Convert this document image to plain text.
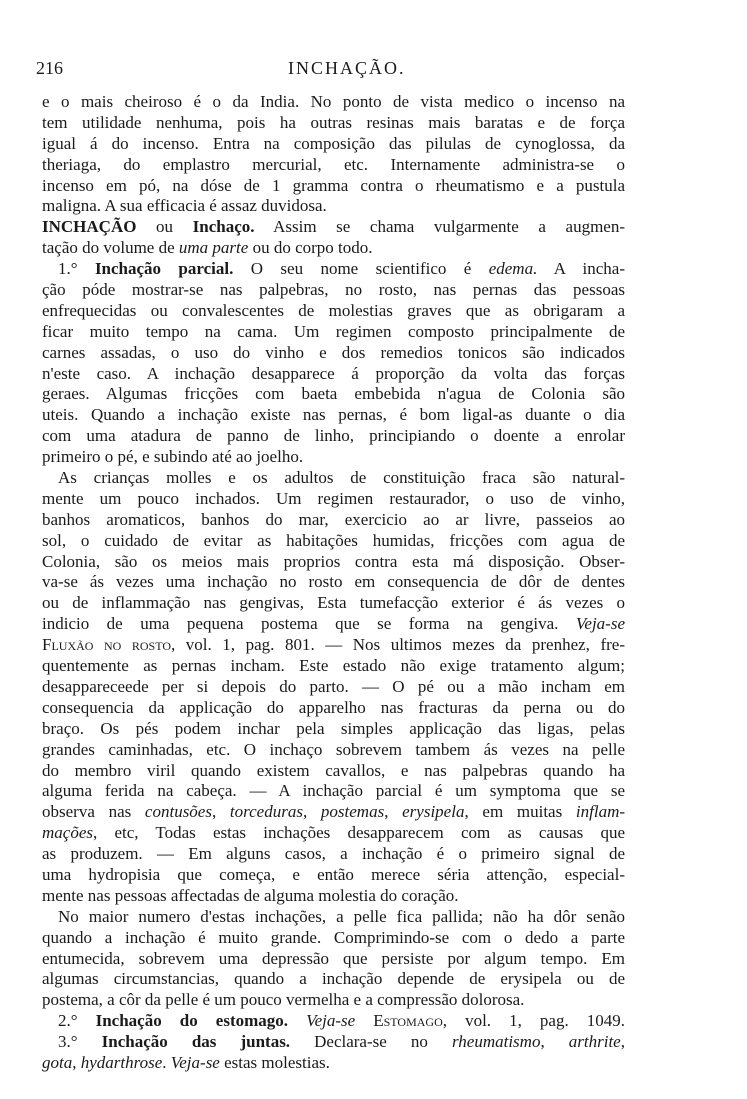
216	INCHAÇÃO.
e o mais cheiroso é o da India. No ponto de vista medico o incenso na
tem utilidade nenhuma, pois ha outras resinas mais baratas e de força
igual á do incenso. Entra na composição das pilulas de cynoglossa, da
theriaga, do emplastro mercurial, etc. Internamente administra-se o
incenso em pó, na dóse de 1 gramma contra o rheumatismo e a pustula
maligna. A sua efficacia é assaz duvidosa.
INCHAÇÃO ou Inchaço. Assim se chama vulgarmente a augmen-
tação do volume de uma parte ou do corpo todo.
1.° Inchação parcial. O seu nome scientifico é edema. A incha-
ção póde mostrar-se nas palpebras, no rosto, nas pernas das pessoas
enfrequecidas ou convalescentes de molestias graves que as obrigaram a
ficar muito tempo na cama. Um regimen composto principalmente de
carnes assadas, o uso do vinho e dos remedios tonicos são indicados
n'este caso. A inchação desapparece á proporção da volta das forças
geraes. Algumas fricções com baeta embebida n'agua de Colonia são
uteis. Quando a inchação existe nas pernas, é bom ligal-as duante o dia
com uma atadura de panno de linho, principiando o doente a enrolar
primeiro o pé, e subindo até ao joelho.
As crianças molles e os adultos de constituição fraca são natural-
mente um pouco inchados. Um regimen restaurador, o uso de vinho,
banhos aromaticos, banhos do mar, exercicio ao ar livre, passeios ao
sol, o cuidado de evitar as habitações humidas, fricções com agua de
Colonia, são os meios mais proprios contra esta má disposição. Obser-
va-se ás vezes uma inchação no rosto em consequencia de dôr de dentes
ou de inflammação nas gengivas, Esta tumefacção exterior é ás vezes o
indicio de uma pequena postema que se forma na gengiva. Veja-se
Fluxão no rosto, vol. 1, pag. 801. — Nos ultimos mezes da prenhez, fre-
quentemente as pernas incham. Este estado não exige tratamento algum;
desappareceede per si depois do parto. — O pé ou a mão incham em
consequencia da applicação do apparelho nas fracturas da perna ou do
braço. Os pés podem inchar pela simples applicação das ligas, pelas
grandes caminhadas, etc. O inchaço sobrevem tambem ás vezes na pelle
do membro viril quando existem cavallos, e nas palpebras quando ha
alguma ferida na cabeça. — A inchação parcial é um symptoma que se
observa nas contusões, torceduras, postemas, erysipela, em muitas inflam-
mações, etc, Todas estas inchações desapparecem com as causas que
as produzem. — Em alguns casos, a inchação é o primeiro signal de
uma hydropisia que começa, e então merece séria attenção, especial-
mente nas pessoas affectadas de alguma molestia do coração.
No maior numero d'estas inchações, a pelle fica pallida; não ha dôr senão
quando a inchação é muito grande. Comprimindo-se com o dedo a parte
entumecida, sobrevem uma depressão que persiste por algum tempo. Em
algumas circumstancias, quando a inchação depende de erysipela ou de
postema, a côr da pelle é um pouco vermelha e a compressão dolorosa.
2.° Inchação do estomago. Veja-se Estomago, vol. 1, pag. 1049.
3.° Inchação das juntas. Declara-se no rheumatismo, arthrite,
gota, hydarthrose. Veja-se estas molestias.
